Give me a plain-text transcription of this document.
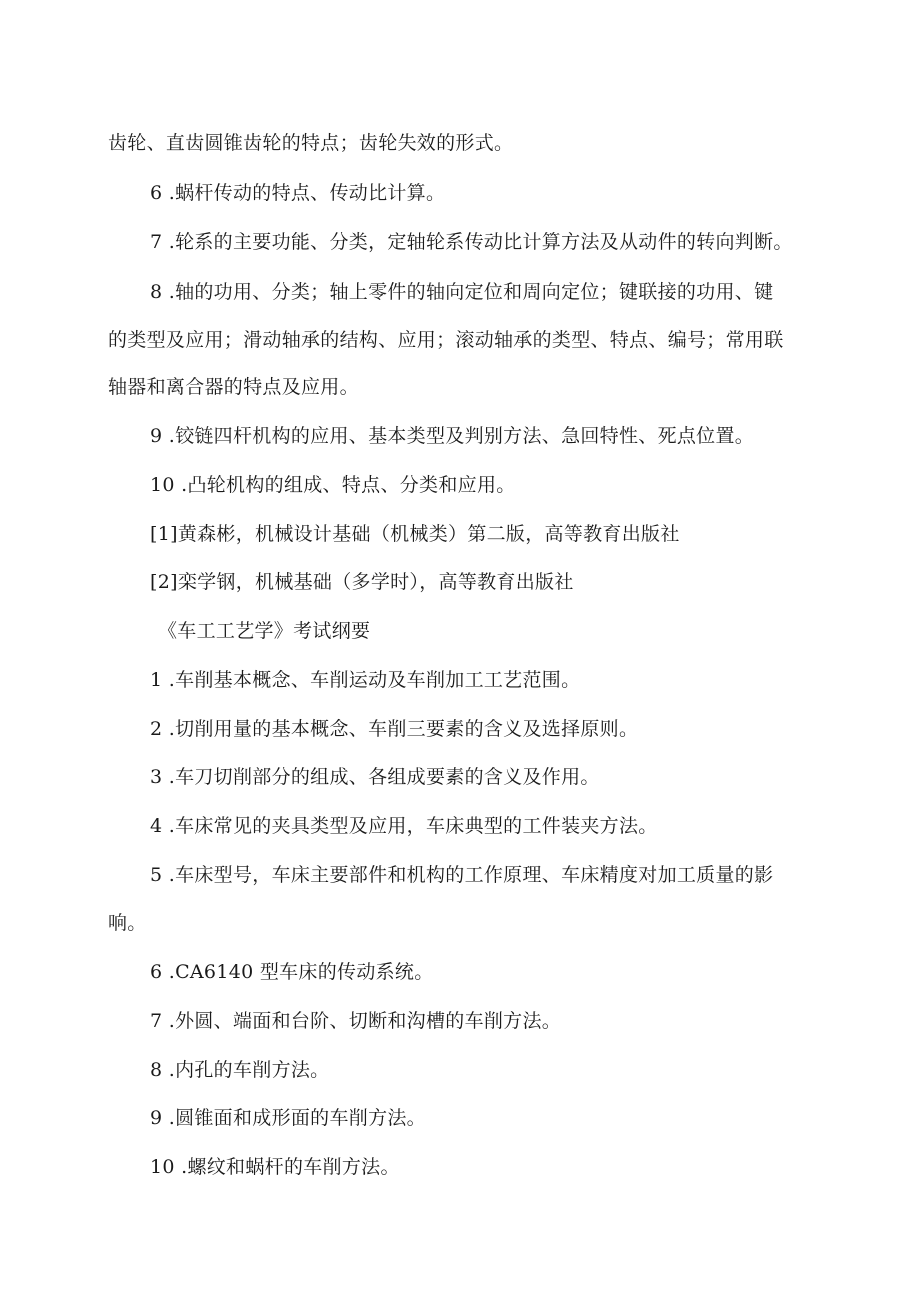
齿轮、直齿圆锥齿轮的特点；齿轮失效的形式。
6 .蜗杆传动的特点、传动比计算。
7 .轮系的主要功能、分类，定轴轮系传动比计算方法及从动件的转向判断。
8 .轴的功用、分类；轴上零件的轴向定位和周向定位；键联接的功用、键
的类型及应用；滑动轴承的结构、应用；滚动轴承的类型、特点、编号；常用联
轴器和离合器的特点及应用。
9 .铰链四杆机构的应用、基本类型及判别方法、急回特性、死点位置。
10 .凸轮机构的组成、特点、分类和应用。
[1]黄森彬，机械设计基础（机械类）第二版，高等教育出版社
[2]栾学钢，机械基础（多学时），高等教育出版社
《车工工艺学》考试纲要
1 .车削基本概念、车削运动及车削加工工艺范围。
2 .切削用量的基本概念、车削三要素的含义及选择原则。
3 .车刀切削部分的组成、各组成要素的含义及作用。
4 .车床常见的夹具类型及应用，车床典型的工件装夹方法。
5 .车床型号，车床主要部件和机构的工作原理、车床精度对加工质量的影
响。
6 .CA6140 型车床的传动系统。
7 .外圆、端面和台阶、切断和沟槽的车削方法。
8 .内孔的车削方法。
9 .圆锥面和成形面的车削方法。
10 .螺纹和蜗杆的车削方法。
